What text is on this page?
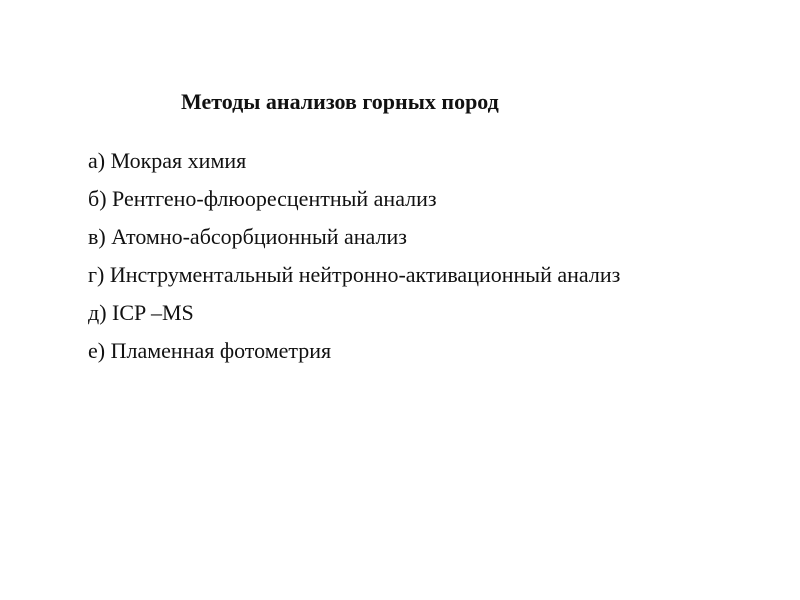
Методы анализов горных пород
а) Мокрая химия
б) Рентгено-флюоресцентный анализ
в) Атомно-абсорбционный анализ
г) Инструментальный нейтронно-активационный анализ
д) ICP –MS
е) Пламенная фотометрия
